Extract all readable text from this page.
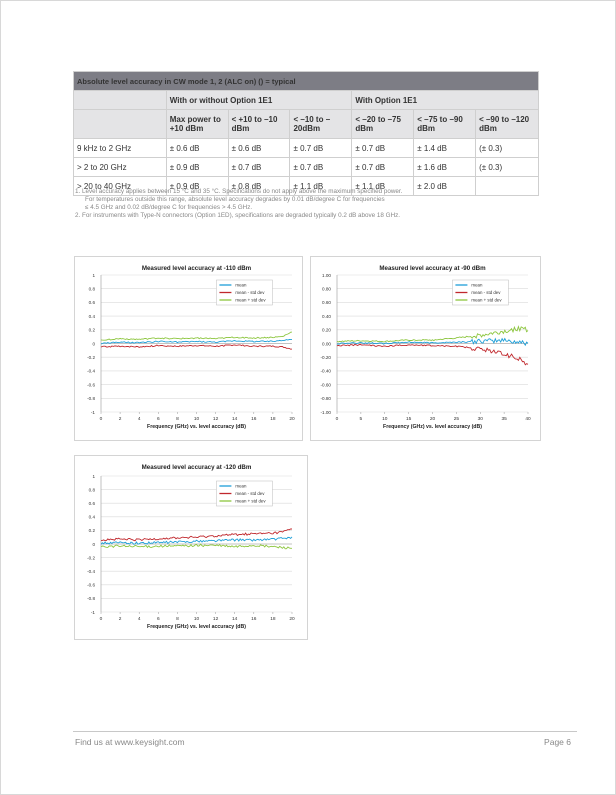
Absolute level accuracy in CW mode 1, 2 (ALC on) () = typical						
	With or without Option 1E1			With Option 1E1		
	Max power to +10 dBm	< +10 to –10 dBm	< –10 to – 20dBm	< –20 to –75 dBm	< –75 to –90 dBm	< –90 to –120 dBm
9 kHz to 2 GHz	± 0.6 dB	± 0.6 dB	± 0.7 dB	± 0.7 dB	± 1.4 dB	(± 0.3)
> 2 to 20 GHz	± 0.9 dB	± 0.7 dB	± 0.7 dB	± 0.7 dB	± 1.6 dB	(± 0.3)
> 20 to 40 GHz	± 0.9 dB	± 0.8 dB	± 1.1 dB	± 1.1 dB	± 2.0 dB	
1. Level accuracy applies between 15 °C and 35 °C. Specifications do not apply above the maximum specified power.
For temperatures outside this range, absolute level accuracy degrades by 0.01 dB/degree C for frequencies
≤ 4.5 GHz and 0.02 dB/degree C for frequencies > 4.5 GHz.
2. For instruments with Type-N connectors (Option 1ED), specifications are degraded typically 0.2 dB above 18 GHz.
Measured level accuracy at -110 dBm
1
0.8
0.6
0.4
0.2
0
-0.2
-0.4
-0.6
-0.8
-1
0	2	4	6	8	10	12	14	16	18	20
Frequency (GHz) vs. level accuracy (dB)
mean
mean - std dev
mean + std dev
Measured level accuracy at -90 dBm
1.00
0.80
0.60
0.40
0.20
0.00
-0.20
-0.40
-0.60
-0.80
-1.00
0	5	10	15	20	25	30	35	40
Frequency (GHz) vs. level accuracy (dB)
mean
mean - std dev
mean + std dev
Measured level accuracy at -120 dBm
1
0.8
0.6
0.4
0.2
0
-0.2
-0.4
-0.6
-0.8
-1
0	2	4	6	8	10	12	14	16	18	20
Frequency (GHz) vs. level accuracy (dB)
mean
mean - std dev
mean + std dev
Find us at www.keysight.com	Page 6
